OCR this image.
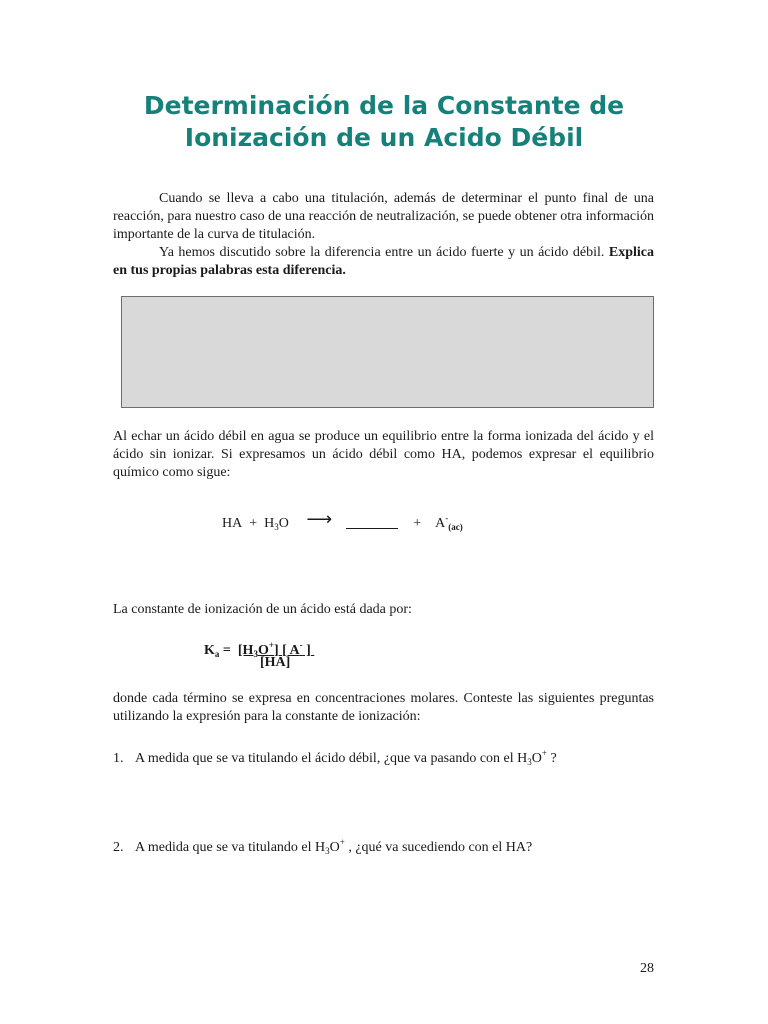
Determinación de la Constante de Ionización de un Acido Débil

Cuando se lleva a cabo una titulación, además de determinar el punto final de una reacción, para nuestro caso de una reacción de neutralización, se puede obtener otra información importante de la curva de titulación.

Ya hemos discutido sobre la diferencia entre un ácido fuerte y un ácido débil. Explica en tus propias palabras esta diferencia.

Al echar un ácido débil en agua se produce un equilibrio entre la forma ionizada del ácido y el ácido sin ionizar. Si expresamos un ácido débil como HA, podemos expresar el equilibrio químico como sigue:

HA + H3O ⟶	+ $A-_{(ac)}$

La constante de ionización de un ácido está dada por:

$K_a = [H_3O^+]$ [ A- ]
[HA]

donde cada término se expresa en concentraciones molares. Conteste las siguientes preguntas utilizando la expresión para la constante de ionización:

1. A medida que se va titulando el ácido débil, ¿que va pasando con el $H_3O^+$ ?
2. A medida que se va titulando el $H_3O^+$ , ¿qué va sucediendo con el HA?
28
